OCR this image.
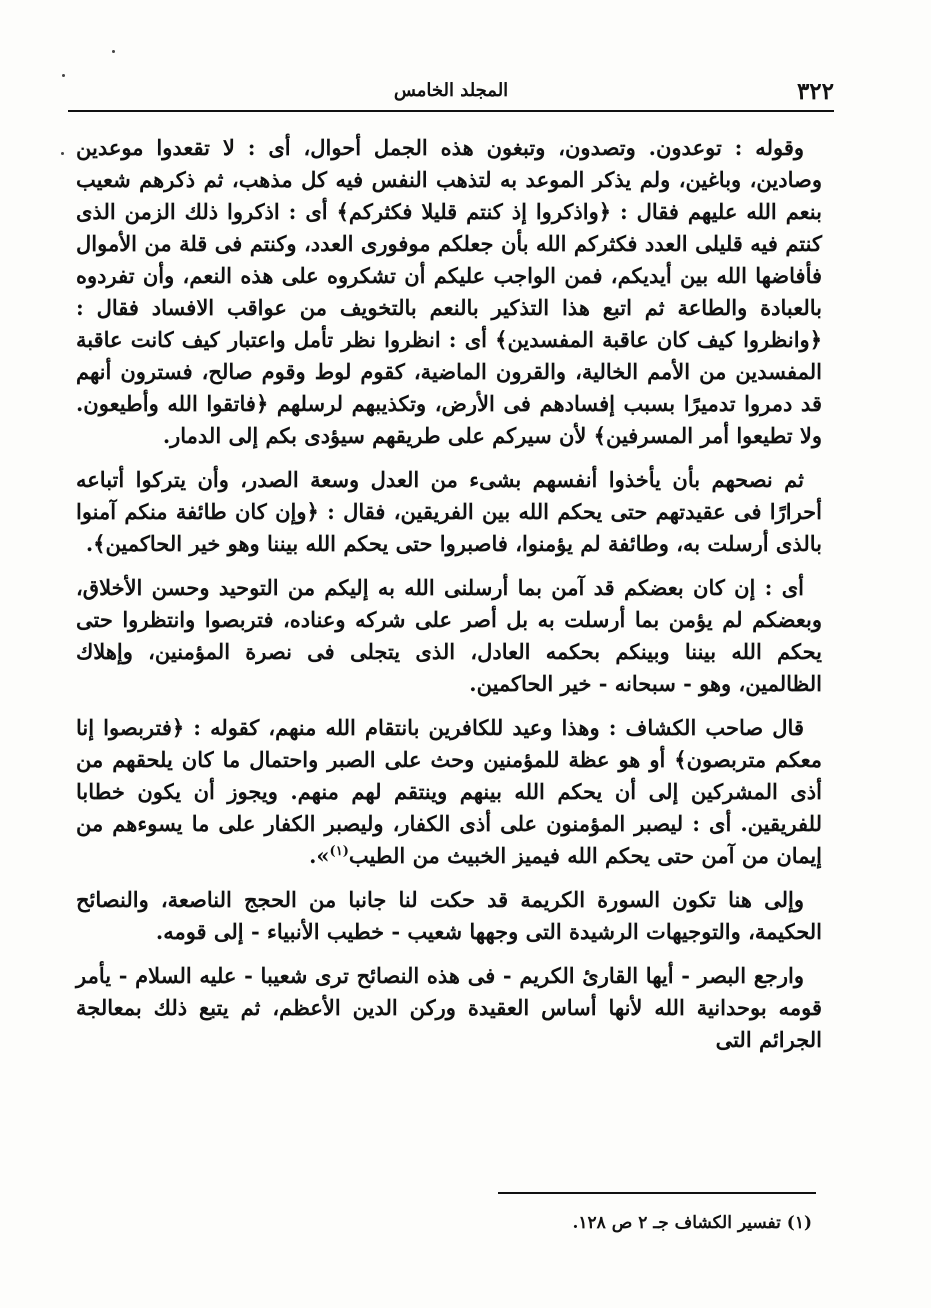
٣٢٢
المجلد الخامس

وقوله : توعدون. وتصدون، وتبغون هذه الجمل أحوال، أى : لا تقعدوا موعدين وصادين، وباغين، ولم يذكر الموعد به لتذهب النفس فيه كل مذهب، ثم ذكرهم شعيب بنعم الله عليهم فقال : ﴿واذكروا إذ كنتم قليلا فكثركم﴾ أى : اذكروا ذلك الزمن الذى كنتم فيه قليلى العدد فكثركم الله بأن جعلكم موفورى العدد، وكنتم فى قلة من الأموال فأفاضها الله بين أيديكم، فمن الواجب عليكم أن تشكروه على هذه النعم، وأن تفردوه بالعبادة والطاعة ثم اتبع هذا التذكير بالنعم بالتخويف من عواقب الافساد فقال : ﴿وانظروا كيف كان عاقبة المفسدين﴾ أى : انظروا نظر تأمل واعتبار كيف كانت عاقبة المفسدين من الأمم الخالية، والقرون الماضية، كقوم لوط وقوم صالح، فسترون أنهم قد دمروا تدميرًا بسبب إفسادهم فى الأرض، وتكذيبهم لرسلهم ﴿فاتقوا الله وأطيعون. ولا تطيعوا أمر المسرفين﴾ لأن سيركم على طريقهم سيؤدى بكم إلى الدمار.

ثم نصحهم بأن يأخذوا أنفسهم بشىء من العدل وسعة الصدر، وأن يتركوا أتباعه أحرارًا فى عقيدتهم حتى يحكم الله بين الفريقين، فقال : ﴿وإن كان طائفة منكم آمنوا بالذى أرسلت به، وطائفة لم يؤمنوا، فاصبروا حتى يحكم الله بيننا وهو خير الحاكمين﴾.

أى : إن كان بعضكم قد آمن بما أرسلنى الله به إليكم من التوحيد وحسن الأخلاق، وبعضكم لم يؤمن بما أرسلت به بل أصر على شركه وعناده، فتربصوا وانتظروا حتى يحكم الله بيننا وبينكم بحكمه العادل، الذى يتجلى فى نصرة المؤمنين، وإهلاك الظالمين، وهو - سبحانه - خير الحاكمين.

قال صاحب الكشاف : وهذا وعيد للكافرين بانتقام الله منهم، كقوله : ﴿فتربصوا إنا معكم متربصون﴾ أو هو عظة للمؤمنين وحث على الصبر واحتمال ما كان يلحقهم من أذى المشركين إلى أن يحكم الله بينهم وينتقم لهم منهم. ويجوز أن يكون خطابا للفريقين. أى : ليصبر المؤمنون على أذى الكفار، وليصبر الكفار على ما يسوءهم من إيمان من آمن حتى يحكم الله فيميز الخبيث من الطيب$^{(١)}$».

وإلى هنا تكون السورة الكريمة قد حكت لنا جانبا من الحجج الناصعة، والنصائح الحكيمة، والتوجيهات الرشيدة التى وجهها شعيب - خطيب الأنبياء - إلى قومه.

وارجع البصر - أيها القارئ الكريم - فى هذه النصائح ترى شعيبا - عليه السلام - يأمر قومه بوحدانية الله لأنها أساس العقيدة وركن الدين الأعظم، ثم يتبع ذلك بمعالجة الجرائم التى

(١) تفسير الكشاف جـ ٢ ص ١٢٨.
